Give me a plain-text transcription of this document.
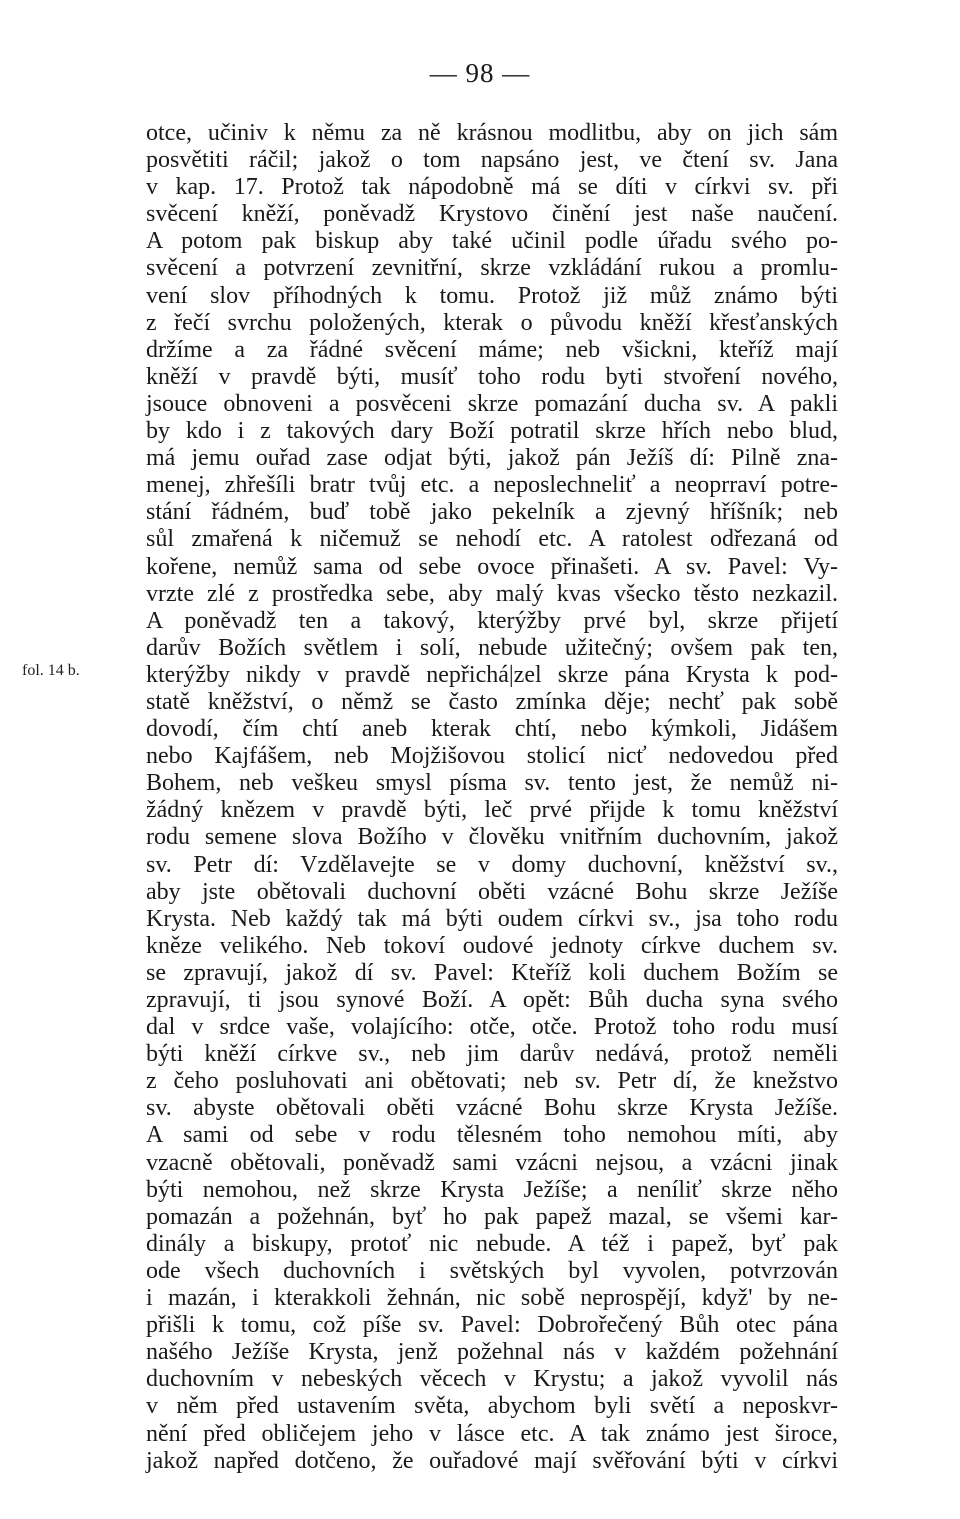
— 98 —
fol. 14 b.
otce, učiniv k němu za ně krásnou modlitbu, aby on jich sám
posvětiti ráčil; jakož o tom napsáno jest, ve čtení sv. Jana
v kap. 17. Protož tak nápodobně má se díti v církvi sv. při
svěcení kněží, poněvadž Krystovo činění jest naše naučení.
A potom pak biskup aby také učinil podle úřadu svého po-
svěcení a potvrzení zevnitřní, skrze vzkládání rukou a promlu-
vení slov příhodných k tomu. Protož již můž známo býti
z řečí svrchu položených, kterak o původu kněží křesťanských
držíme a za řádné svěcení máme; neb všickni, kteříž mají
kněží v pravdě býti, musíť toho rodu byti stvoření nového,
jsouce obnoveni a posvěceni skrze pomazání ducha sv. A pakli
by kdo i z takových dary Boží potratil skrze hřích nebo blud,
má jemu ouřad zase odjat býti, jakož pán Ježíš dí: Pilně zna-
menej, zhřešíli bratr tvůj etc. a neposlechneliť a neoprraví potre-
stání řádném, buď tobě jako pekelník a zjevný hříšník; neb
sůl zmařená k ničemuž se nehodí etc. A ratolest odřezaná od
kořene, nemůž sama od sebe ovoce přinašeti. A sv. Pavel: Vy-
vrzte zlé z prostředka sebe, aby malý kvas všecko těsto nezkazil.
A poněvadž ten a takový, kterýžby prvé byl, skrze přijetí
darův Božích světlem i solí, nebude užitečný; ovšem pak ten,
kterýžby nikdy v pravdě nepřichá|zel skrze pána Krysta k pod-
statě kněžství, o němž se často zmínka děje; nechť pak sobě
dovodí, čím chtí aneb kterak chtí, nebo kýmkoli, Jidášem
nebo Kajfášem, neb Mojžišovou stolicí nicť nedovedou před
Bohem, neb veškeu smysl písma sv. tento jest, že nemůž ni-
žádný knězem v pravdě býti, leč prvé přijde k tomu kněžství
rodu semene slova Božího v člověku vnitřním duchovním, jakož
sv. Petr dí: Vzdělavejte se v domy duchovní, kněžství sv.,
aby jste obětovali duchovní oběti vzácné Bohu skrze Ježíše
Krysta. Neb každý tak má býti oudem církvi sv., jsa toho rodu
kněze velikého. Neb tokoví oudové jednoty církve duchem sv.
se zpravují, jakož dí sv. Pavel: Kteříž koli duchem Božím se
zpravují, ti jsou synové Boží. A opět: Bůh ducha syna svého
dal v srdce vaše, volajícího: otče, otče. Protož toho rodu musí
býti kněží církve sv., neb jim darův nedává, protož neměli
z čeho posluhovati ani obětovati; neb sv. Petr dí, že knežstvo
sv. abyste obětovali oběti vzácné Bohu skrze Krysta Ježíše.
A sami od sebe v rodu tělesném toho nemohou míti, aby
vzacně obětovali, poněvadž sami vzácni nejsou, a vzácni jinak
býti nemohou, než skrze Krysta Ježíše; a neníliť skrze něho
pomazán a požehnán, byť ho pak papež mazal, se všemi kar-
dinály a biskupy, protoť nic nebude. A též i papež, byť pak
ode všech duchovních i světských byl vyvolen, potvrzován
i mazán, i kterakkoli žehnán, nic sobě neprospějí, když' by ne-
přišli k tomu, což píše sv. Pavel: Dobrořečený Bůh otec pána
našého Ježíše Krysta, jenž požehnal nás v každém požehnání
duchovním v nebeských věcech v Krystu; a jakož vyvolil nás
v něm před ustavením světa, abychom byli světí a neposkvr-
nění před obličejem jeho v lásce etc. A tak známo jest široce,
jakož napřed dotčeno, že ouřadové mají svěřování býti v církvi
